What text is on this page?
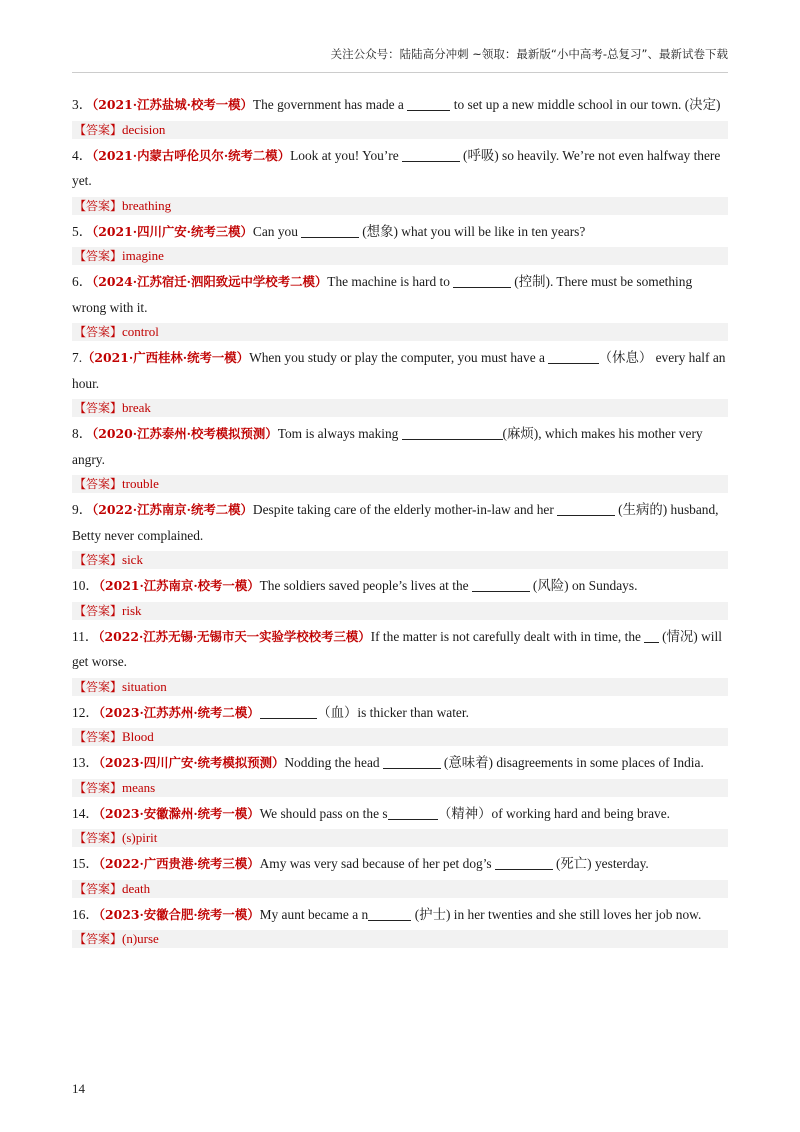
关注公众号：陆陆高分冲刺 ~领取：最新版“小中高考-总复习”、最新试卷下载
3．（2021·江苏盐城·校考一模）The government has made a	to set up a new middle school in our town. (决定)
【答案】decision
4．（2021·内蒙古呼伦贝尔·统考二模）Look at you! You’re	(呼吸) so heavily. We’re not even halfway there yet.
【答案】breathing
5．（2021·四川广安·统考三模）Can you	(想象) what you will be like in ten years?
【答案】imagine
6．（2024·江苏宿迁·泗阳致远中学校考二模）The machine is hard to	(控制). There must be something wrong with it.
【答案】control
7.（2021·广西桂林·统考一模）When you study or play the computer, you must have a	（休息） every half an hour.
【答案】break
8．（2020·江苏泰州·校考模拟预测）Tom is always making	(麻烦), which makes his mother very angry.
【答案】trouble
9．（2022·江苏南京·统考二模）Despite taking care of the elderly mother-in-law and her	(生病的) husband, Betty never complained.
【答案】sick
10．（2021·江苏南京·校考一模）The soldiers saved people’s lives at the	(风险) on Sundays.
【答案】risk
11．（2022·江苏无锡·无锡市天一实验学校校考三模）If the matter is not carefully dealt with in time, the  (情况) will get worse.
【答案】situation
12．（2023·江苏苏州·统考二模）	（血）is thicker than water.
【答案】Blood
13．（2023·四川广安·统考模拟预测）Nodding the head	(意味着) disagreements in some places of India.
【答案】means
14．（2023·安徽滁州·统考一模）We should pass on the s	（精神）of working hard and being brave.
【答案】(s)pirit
15．（2022·广西贵港·统考三模）Amy was very sad because of her pet dog’s	(死亡) yesterday.
【答案】death
16．（2023·安徽合肥·统考一模）My aunt became a n	(护士) in her twenties and she still loves her job now.
【答案】(n)urse
14
